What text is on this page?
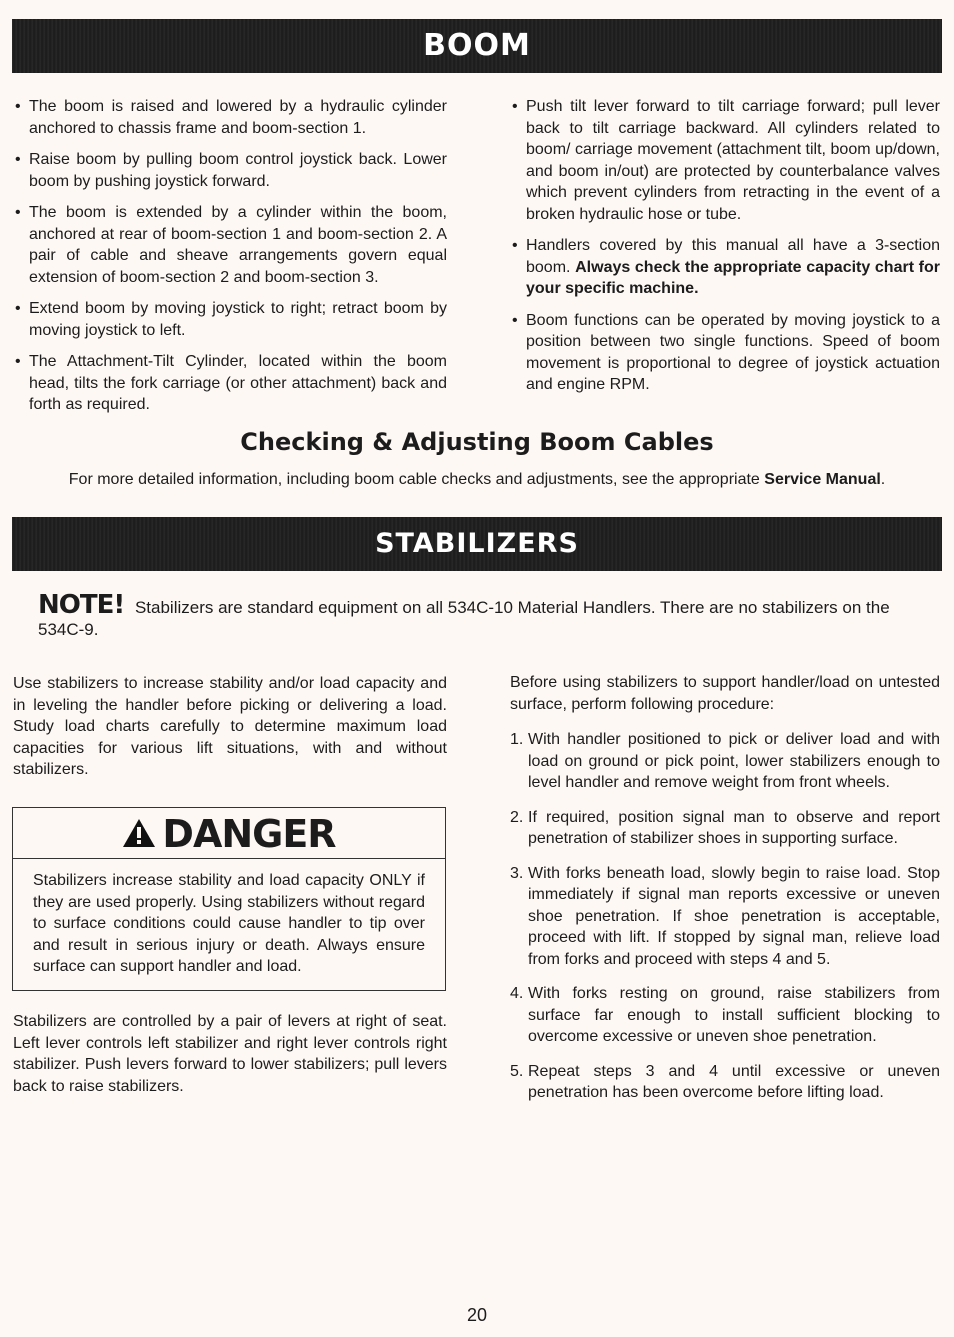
BOOM
• The boom is raised and lowered by a hydraulic cylinder anchored to chassis frame and boom-section 1.
• Raise boom by pulling boom control joystick back. Lower boom by pushing joystick forward.
• The boom is extended by a cylinder within the boom, anchored at rear of boom-section 1 and boom-section 2. A pair of cable and sheave arrangements govern equal extension of boom-section 2 and boom-section 3.
• Extend boom by moving joystick to right; retract boom by moving joystick to left.
• The Attachment-Tilt Cylinder, located within the boom head, tilts the fork carriage (or other attachment) back and forth as required.
• Push tilt lever forward to tilt carriage forward; pull lever back to tilt carriage backward. All cylinders related to boom/ carriage movement (attachment tilt, boom up/down, and boom in/out) are protected by counterbalance valves which prevent cylinders from retracting in the event of a broken hydraulic hose or tube.
• Handlers covered by this manual all have a 3-section boom. Always check the appropriate capacity chart for your specific machine.
• Boom functions can be operated by moving joystick to a position between two single functions. Speed of boom movement is proportional to degree of joystick actuation and engine RPM.
Checking & Adjusting Boom Cables
For more detailed information, including boom cable checks and adjustments, see the appropriate Service Manual.
STABILIZERS
NOTE! Stabilizers are standard equipment on all 534C-10 Material Handlers. There are no stabilizers on the 534C-9.

Use stabilizers to increase stability and/or load capacity and in leveling the handler before picking or delivering a load. Study load charts carefully to determine maximum load capacities for various lift situations, with and without stabilizers.

DANGER
Stabilizers increase stability and load capacity ONLY if they are used properly. Using stabilizers without regard to surface conditions could cause handler to tip over and result in serious injury or death. Always ensure surface can support handler and load.

Stabilizers are controlled by a pair of levers at right of seat. Left lever controls left stabilizer and right lever controls right stabilizer. Push levers forward to lower stabilizers; pull levers back to raise stabilizers.

Before using stabilizers to support handler/load on untested surface, perform following procedure:

1. With handler positioned to pick or deliver load and with load on ground or pick point, lower stabilizers enough to level handler and remove weight from front wheels.
2. If required, position signal man to observe and report penetration of stabilizer shoes in supporting surface.
3. With forks beneath load, slowly begin to raise load. Stop immediately if signal man reports excessive or uneven shoe penetration. If shoe penetration is acceptable, proceed with lift. If stopped by signal man, relieve load from forks and proceed with steps 4 and 5.
4. With forks resting on ground, raise stabilizers from surface far enough to install sufficient blocking to overcome excessive or uneven shoe penetration.
5. Repeat steps 3 and 4 until excessive or uneven penetration has been overcome before lifting load.
20
